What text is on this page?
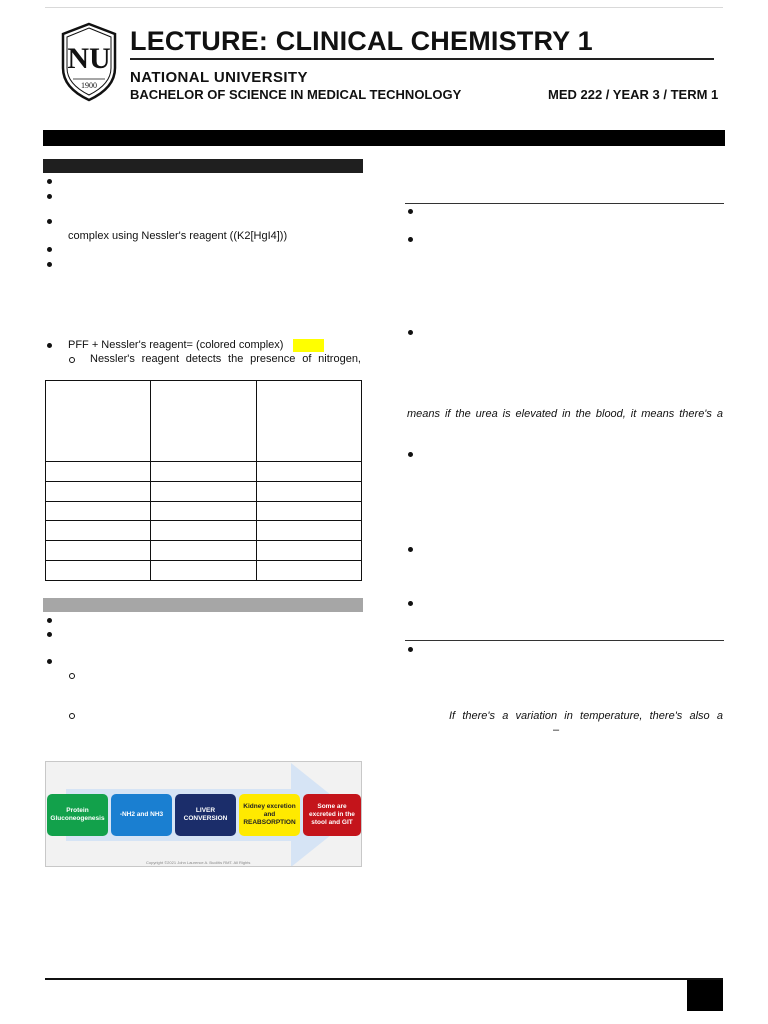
NU
1900
LECTURE: CLINICAL CHEMISTRY 1
NATIONAL UNIVERSITY
BACHELOR OF SCIENCE IN MEDICAL TECHNOLOGY	MED 222 / YEAR 3 / TERM 1
complex using Nessler's reagent ((K2[HgI4]))
PFF + Nessler's reagent= (colored complex)
Nessler's reagent detects the presence of nitrogen,

Protein Gluconeogenesis
-NH2 and NH3
LIVER CONVERSION
Kidney excretion and REABSORPTION
Some are excreted in the stool and GIT
Copyright ©2021 John Laurence A. Buclitis RMT. All Rights
means if the urea is elevated in the blood, it means there's a
If there's a variation in temperature, there's also a
–
